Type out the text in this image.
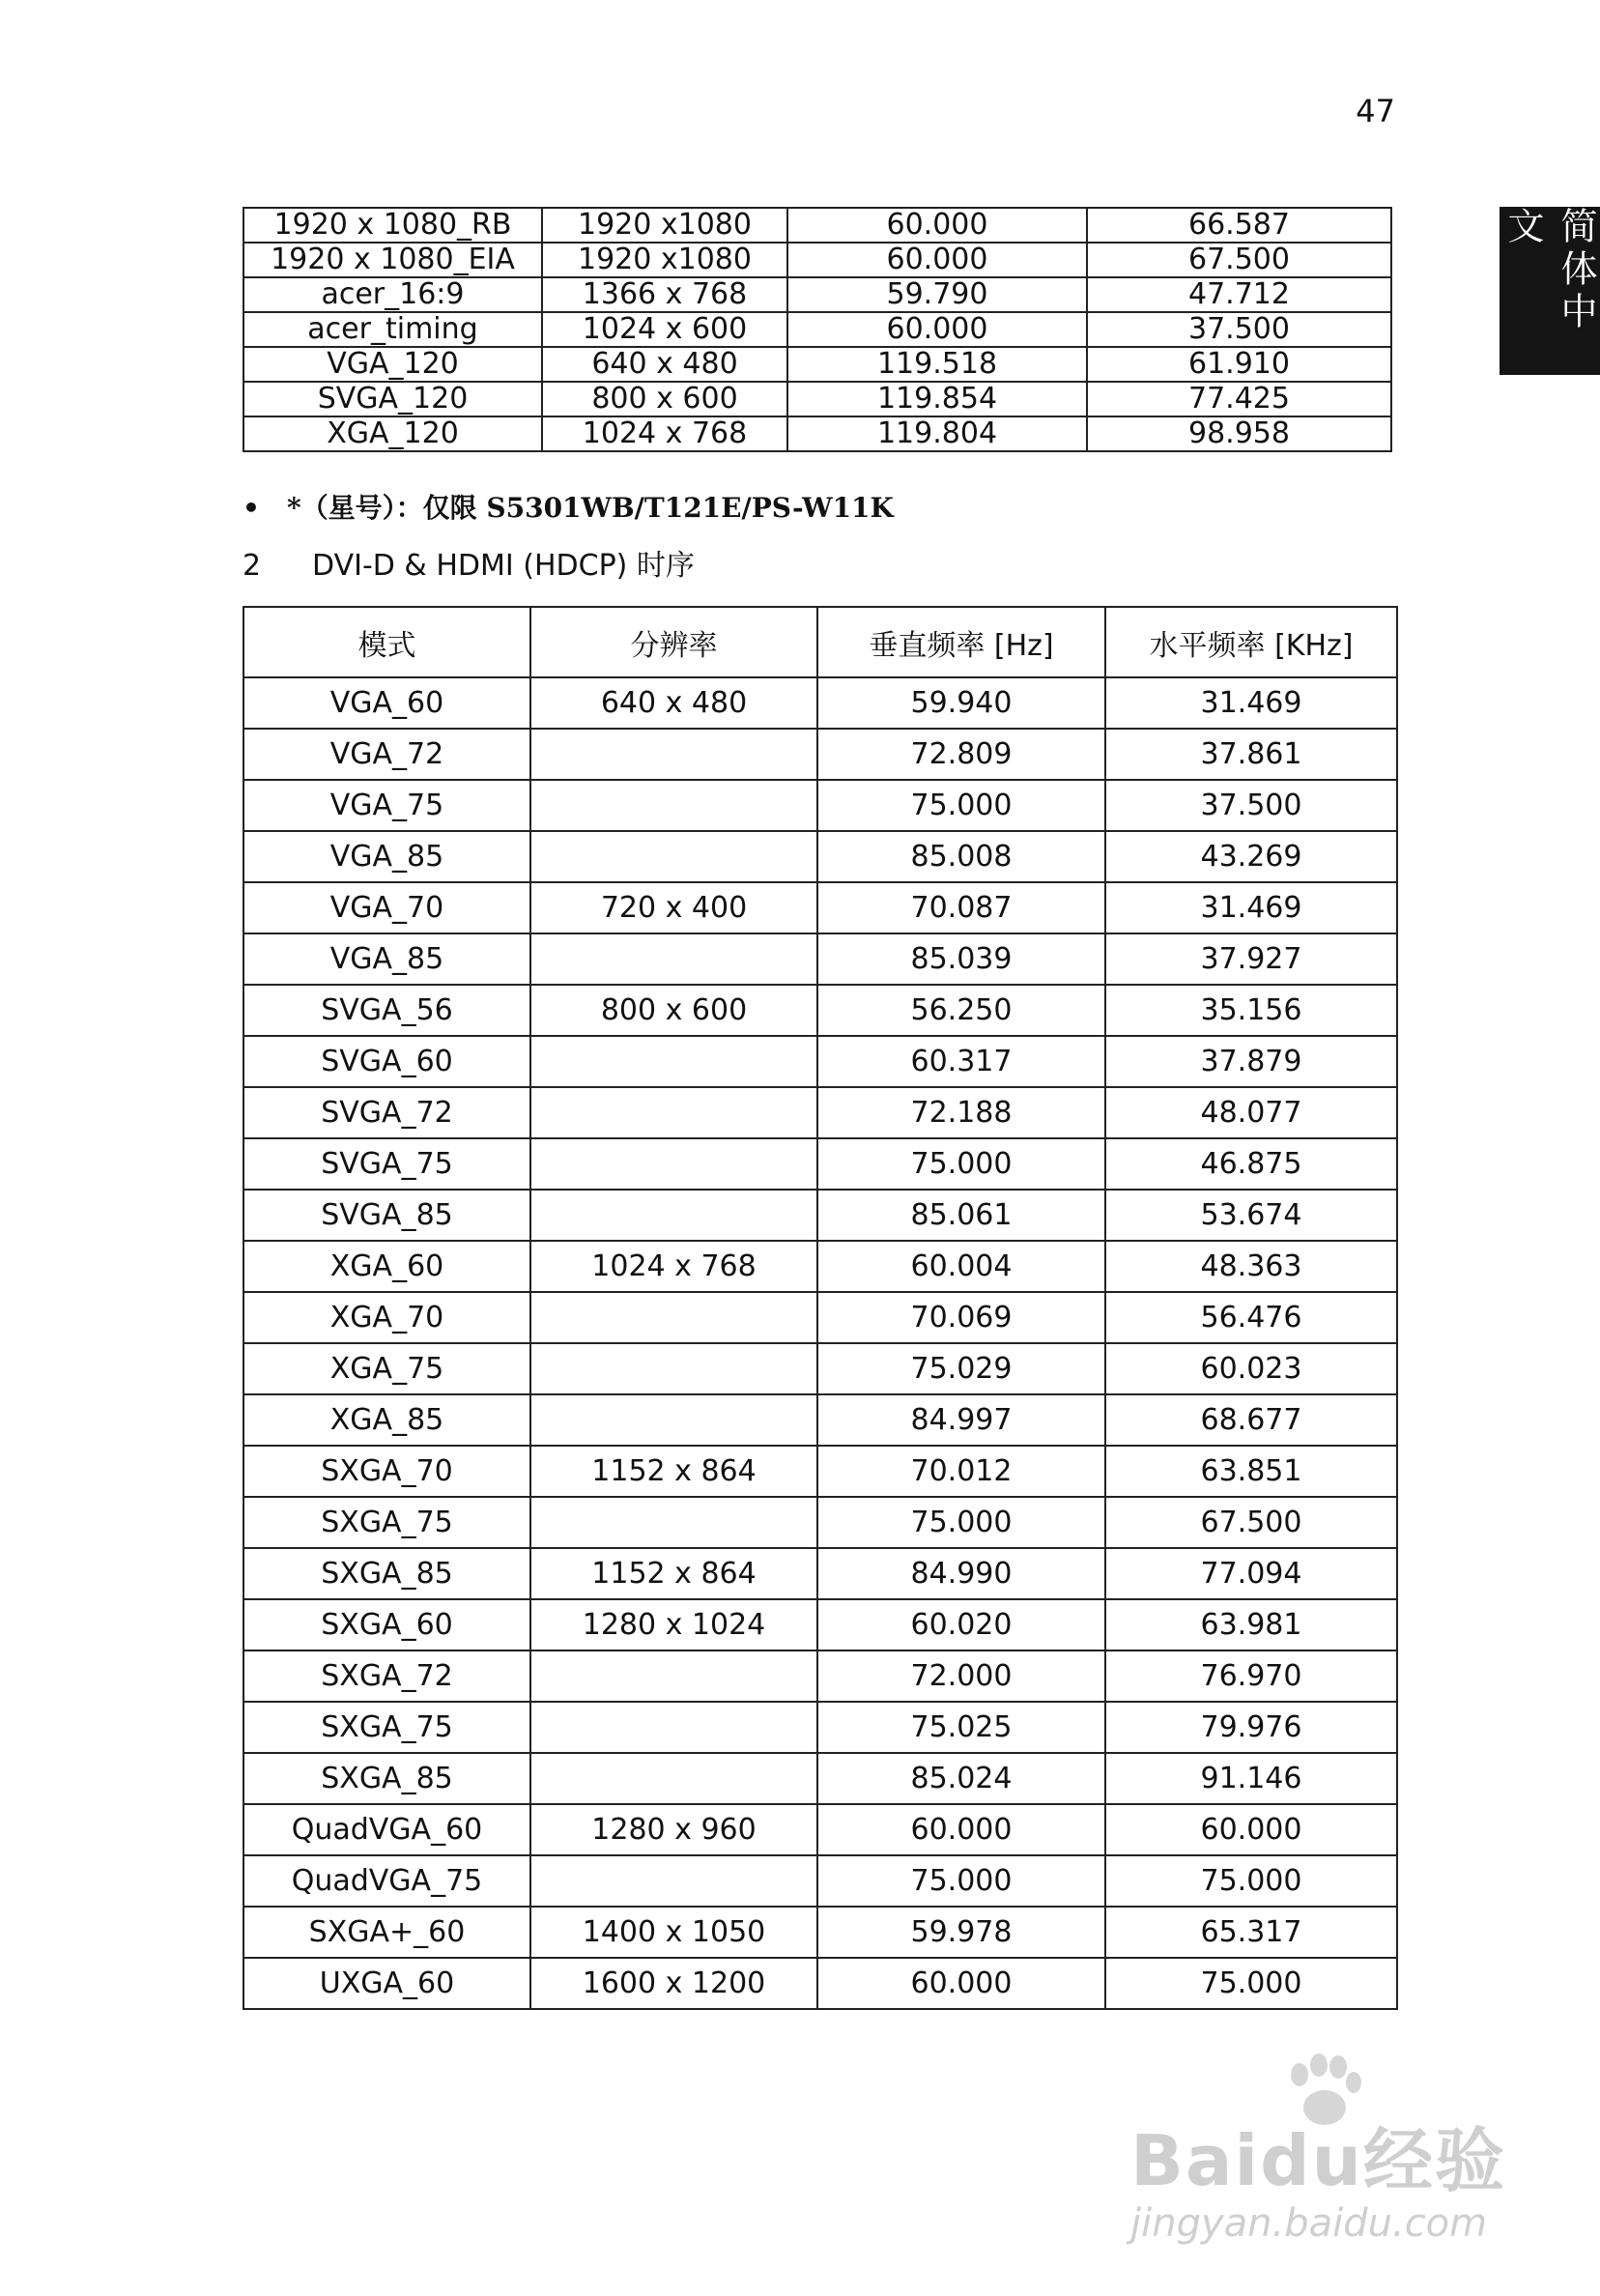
47
简体中文
1920 x 1080_RB	1920 x1080	60.000	66.587
1920 x 1080_EIA	1920 x1080	60.000	67.500
acer_16:9	1366 x 768	59.790	47.712
acer_timing	1024 x 600	60.000	37.500
VGA_120	640 x 480	119.518	61.910
SVGA_120	800 x 600	119.854	77.425
XGA_120	1024 x 768	119.804	98.958
• *（星号）：仅限 S5301WB/T121E/PS-W11K
2 DVI-D & HDMI (HDCP) 时序
模式	分辨率	垂直频率 [Hz]	水平频率 [KHz]
VGA_60	640 x 480	59.940	31.469
VGA_72		72.809	37.861
VGA_75		75.000	37.500
VGA_85		85.008	43.269
VGA_70	720 x 400	70.087	31.469
VGA_85		85.039	37.927
SVGA_56	800 x 600	56.250	35.156
SVGA_60		60.317	37.879
SVGA_72		72.188	48.077
SVGA_75		75.000	46.875
SVGA_85		85.061	53.674
XGA_60	1024 x 768	60.004	48.363
XGA_70		70.069	56.476
XGA_75		75.029	60.023
XGA_85		84.997	68.677
SXGA_70	1152 x 864	70.012	63.851
SXGA_75		75.000	67.500
SXGA_85	1152 x 864	84.990	77.094
SXGA_60	1280 x 1024	60.020	63.981
SXGA_72		72.000	76.970
SXGA_75		75.025	79.976
SXGA_85		85.024	91.146
QuadVGA_60	1280 x 960	60.000	60.000
QuadVGA_75		75.000	75.000
SXGA+_60	1400 x 1050	59.978	65.317
UXGA_60	1600 x 1200	60.000	75.000
Baidu经验
jingyan.baidu.com
